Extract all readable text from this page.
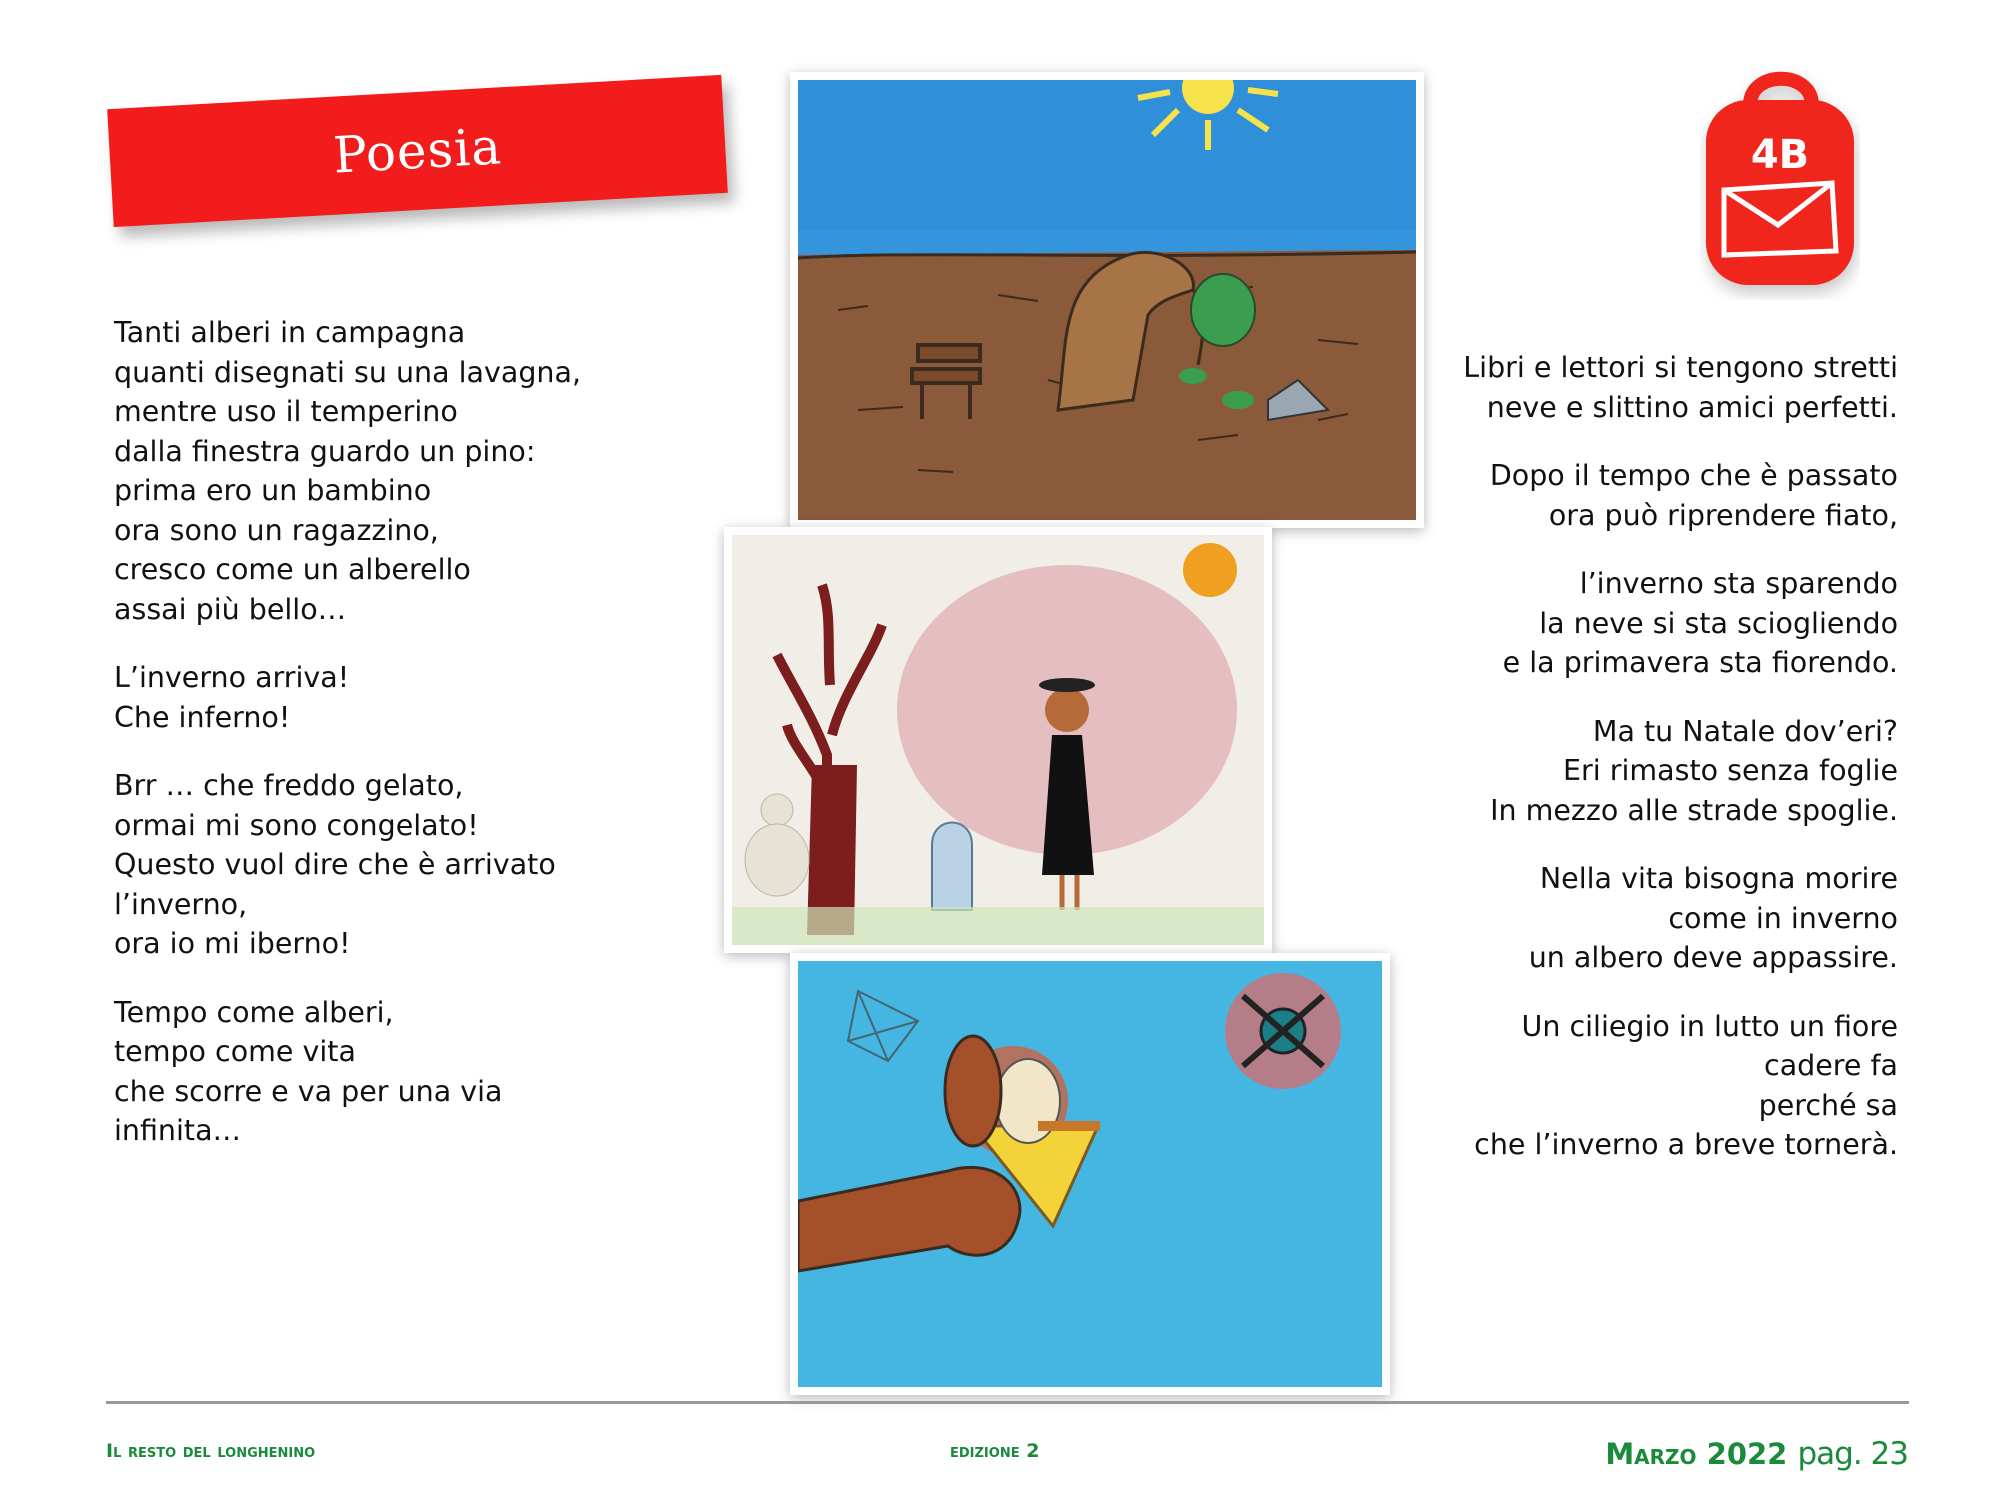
Poesia
Tanti alberi in campagna
quanti disegnati su una lavagna,
mentre uso il temperino
dalla finestra guardo un pino:
prima ero un bambino
ora sono un ragazzino,
cresco come un alberello
assai più bello…
L’inverno arriva!
Che inferno!
Brr … che freddo gelato,
ormai mi sono congelato!
Questo vuol dire che è arrivato
l’inverno,
ora io mi iberno!
Tempo come alberi,
tempo come vita
che scorre e va per una via
infinita…
Libri e lettori si tengono stretti
neve e slittino amici perfetti.
Dopo il tempo che è passato
ora può riprendere fiato,
l’inverno sta sparendo
la neve si sta sciogliendo
e la primavera sta fiorendo.
Ma tu Natale dov’eri?
Eri rimasto senza foglie
In mezzo alle strade spoglie.
Nella vita bisogna morire
come in inverno
un albero deve appassire.
Un ciliegio in lutto un fiore
cadere fa
perché sa
che l’inverno a breve tornerà.
4B
Il resto del longhenino	edizione 2	Marzo 2022 pag. 23
